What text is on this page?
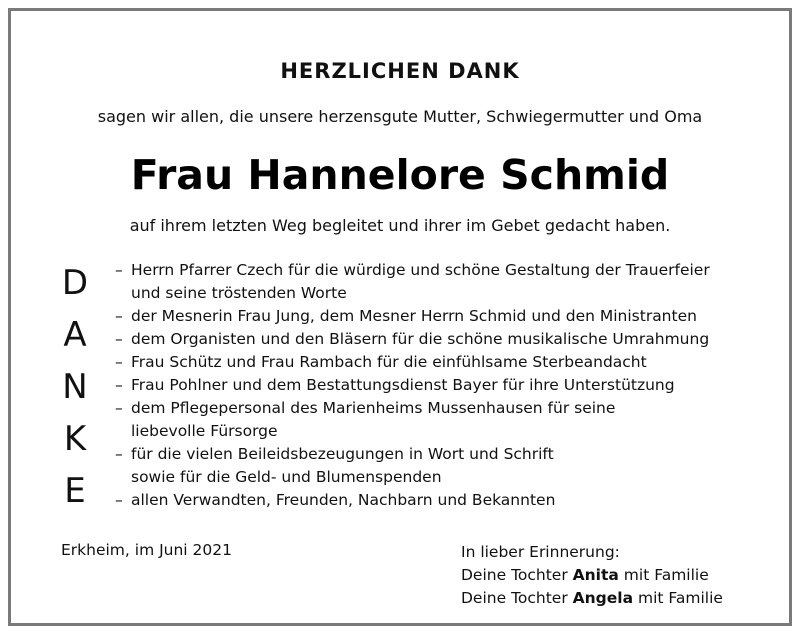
HERZLICHEN DANK
sagen wir allen, die unsere herzensgute Mutter, Schwiegermutter und Oma
Frau Hannelore Schmid
auf ihrem letzten Weg begleitet und ihrer im Gebet gedacht haben.
D
A
N
K
E
– Herrn Pfarrer Czech für die würdige und schöne Gestaltung der Trauerfeier und seine tröstenden Worte
– der Mesnerin Frau Jung, dem Mesner Herrn Schmid und den Ministranten
– dem Organisten und den Bläsern für die schöne musikalische Umrahmung
– Frau Schütz und Frau Rambach für die einfühlsame Sterbeandacht
– Frau Pohlner und dem Bestattungsdienst Bayer für ihre Unterstützung
– dem Pflegepersonal des Marienheims Mussenhausen für seine liebevolle Fürsorge
– für die vielen Beileidsbezeugungen in Wort und Schrift sowie für die Geld- und Blumenspenden
– allen Verwandten, Freunden, Nachbarn und Bekannten
Erkheim, im Juni 2021	In lieber Erinnerung:
Deine Tochter Anita mit Familie
Deine Tochter Angela mit Familie
